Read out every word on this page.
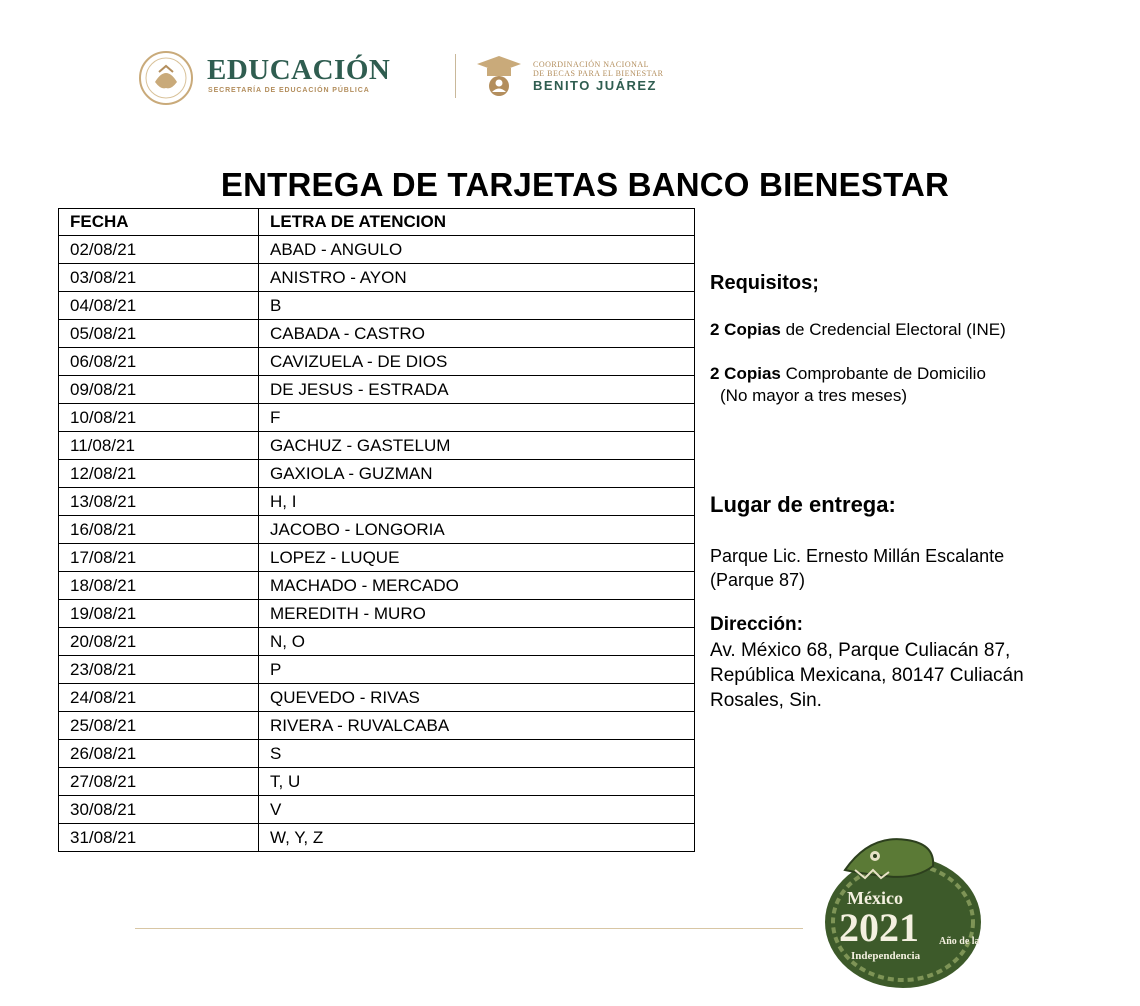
EDUCACIÓN
SECRETARÍA DE EDUCACIÓN PÚBLICA
COORDINACIÓN NACIONAL
DE BECAS PARA EL BIENESTAR
BENITO JUÁREZ
ENTREGA DE TARJETAS BANCO BIENESTAR
FECHA	LETRA DE ATENCION
02/08/21	ABAD - ANGULO
03/08/21	ANISTRO - AYON
04/08/21	B
05/08/21	CABADA - CASTRO
06/08/21	CAVIZUELA - DE DIOS
09/08/21	DE JESUS - ESTRADA
10/08/21	F
11/08/21	GACHUZ - GASTELUM
12/08/21	GAXIOLA - GUZMAN
13/08/21	H, I
16/08/21	JACOBO - LONGORIA
17/08/21	LOPEZ - LUQUE
18/08/21	MACHADO - MERCADO
19/08/21	MEREDITH - MURO
20/08/21	N, O
23/08/21	P
24/08/21	QUEVEDO - RIVAS
25/08/21	RIVERA - RUVALCABA
26/08/21	S
27/08/21	T, U
30/08/21	V
31/08/21	W, Y, Z
Requisitos;
2 Copias de Credencial Electoral (INE)
2 Copias Comprobante de Domicilio
(No mayor a tres meses)
Lugar de entrega:
Parque Lic. Ernesto Millán Escalante
(Parque 87)
Dirección:
Av. México 68, Parque Culiacán 87,
República Mexicana, 80147 Culiacán
Rosales, Sin.
México
2021 Año de la
Independencia
